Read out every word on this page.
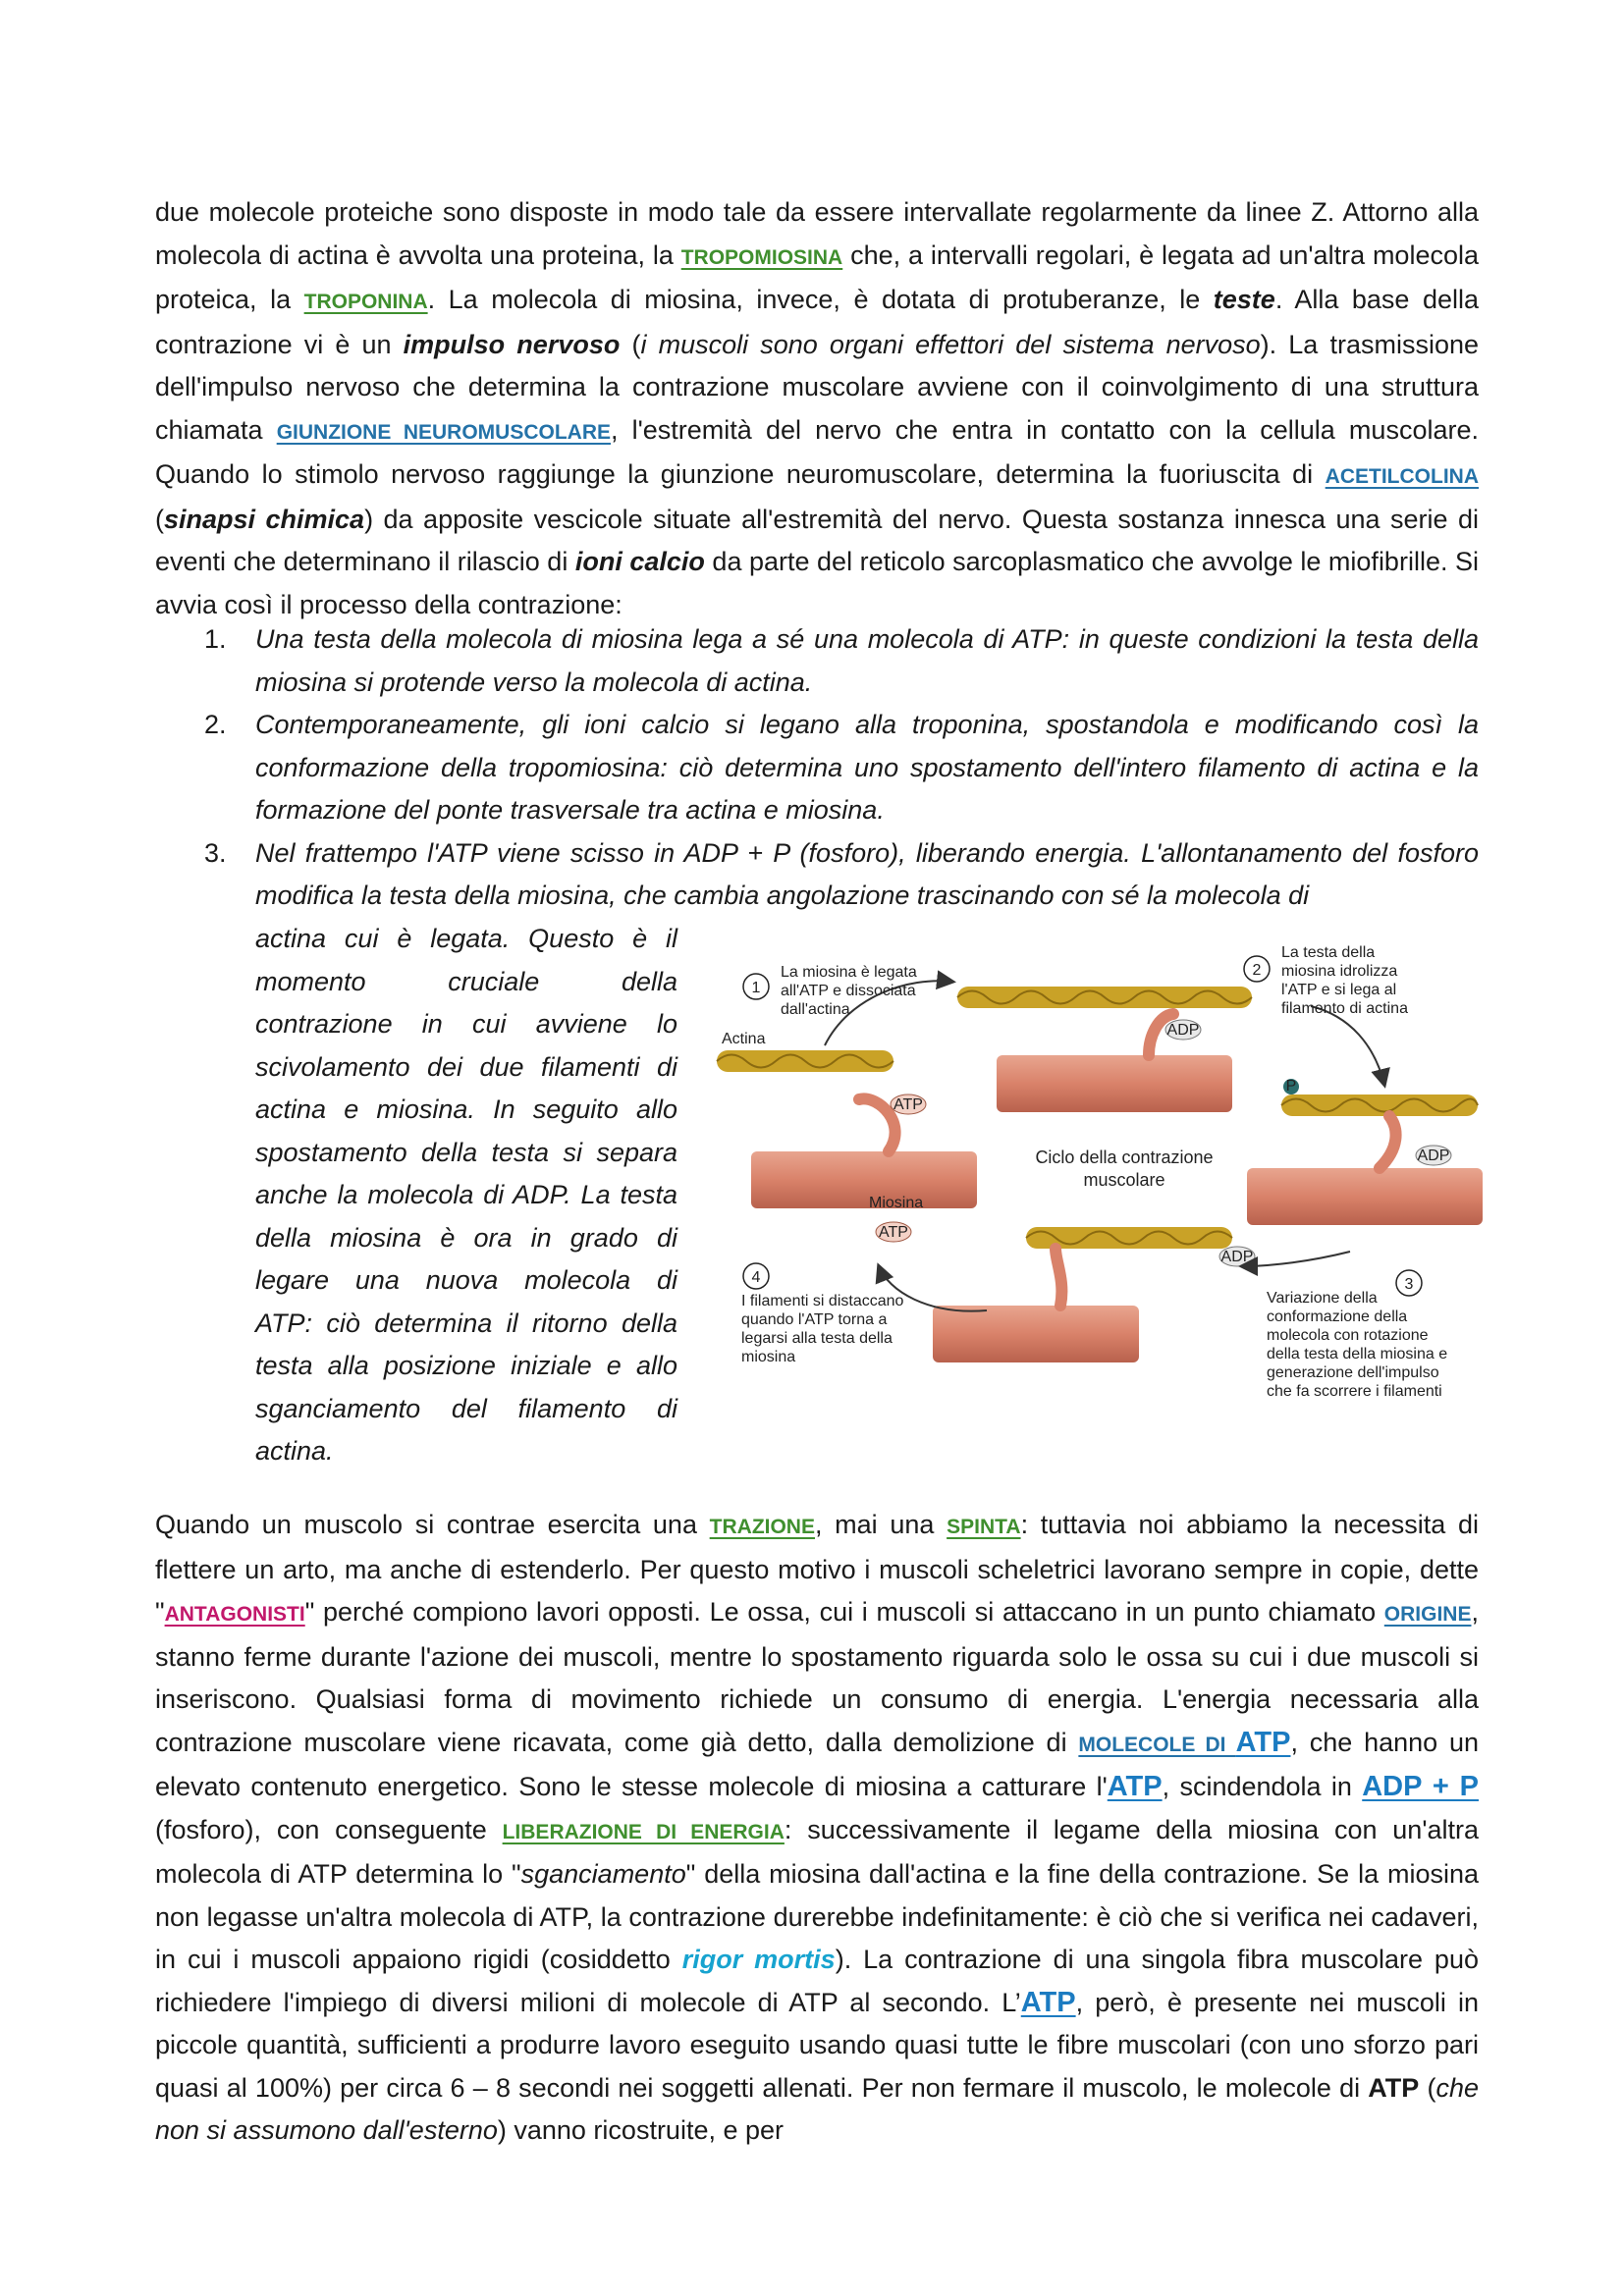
due molecole proteiche sono disposte in modo tale da essere intervallate regolarmente da linee Z. Attorno alla molecola di actina è avvolta una proteina, la TROPOMIOSINA che, a intervalli regolari, è legata ad un'altra molecola proteica, la TROPONINA. La molecola di miosina, invece, è dotata di protuberanze, le teste. Alla base della contrazione vi è un impulso nervoso (i muscoli sono organi effettori del sistema nervoso). La trasmissione dell'impulso nervoso che determina la contrazione muscolare avviene con il coinvolgimento di una struttura chiamata GIUNZIONE NEUROMUSCOLARE, l'estremità del nervo che entra in contatto con la cellula muscolare. Quando lo stimolo nervoso raggiunge la giunzione neuromuscolare, determina la fuoriuscita di ACETILCOLINA (sinapsi chimica) da apposite vescicole situate all'estremità del nervo. Questa sostanza innesca una serie di eventi che determinano il rilascio di ioni calcio da parte del reticolo sarcoplasmatico che avvolge le miofibrille. Si avvia così il processo della contrazione:
1. Una testa della molecola di miosina lega a sé una molecola di ATP: in queste condizioni la testa della miosina si protende verso la molecola di actina.
2. Contemporaneamente, gli ioni calcio si legano alla troponina, spostandola e modificando così la conformazione della tropomiosina: ciò determina uno spostamento dell'intero filamento di actina e la formazione del ponte trasversale tra actina e miosina.
3. Nel frattempo l'ATP viene scisso in ADP + P (fosforo), liberando energia. L'allontanamento del fosforo modifica la testa della miosina, che cambia angolazione trascinando con sé la molecola di

actina cui è legata. Questo è il

momento cruciale della

contrazione in cui avviene lo

scivolamento dei due filamenti di

actina e miosina. In seguito allo

spostamento della testa si separa

anche la molecola di ADP. La testa

della miosina è ora in grado di

legare una nuova molecola di

ATP: ciò determina il ritorno della

testa alla posizione iniziale e allo

sganciamento del filamento di

actina.

ATP
ATP
ADP
ADP
ADP
P
Ciclo della contrazione
muscolare
Actina
Miosina
1
La miosina è legata
all'ATP e dissociata
dall'actina
2
La testa della
miosina idrolizza
l'ATP e si lega al
filamento di actina
3
Variazione della
conformazione della
molecola con rotazione
della testa della miosina e
generazione dell'impulso
che fa scorrere i filamenti
4
I filamenti si distaccano
quando l'ATP torna a
legarsi alla testa della
miosina
Quando un muscolo si contrae esercita una TRAZIONE, mai una SPINTA: tuttavia noi abbiamo la necessita di flettere un arto, ma anche di estenderlo. Per questo motivo i muscoli scheletrici lavorano sempre in copie, dette "ANTAGONISTI" perché compiono lavori opposti. Le ossa, cui i muscoli si attaccano in un punto chiamato ORIGINE, stanno ferme durante l'azione dei muscoli, mentre lo spostamento riguarda solo le ossa su cui i due muscoli si inseriscono. Qualsiasi forma di movimento richiede un consumo di energia. L'energia necessaria alla contrazione muscolare viene ricavata, come già detto, dalla demolizione di MOLECOLE DI ATP, che hanno un elevato contenuto energetico. Sono le stesse molecole di miosina a catturare l'ATP, scindendola in ADP + P (fosforo), con conseguente LIBERAZIONE DI ENERGIA: successivamente il legame della miosina con un'altra molecola di ATP determina lo "sganciamento" della miosina dall'actina e la fine della contrazione. Se la miosina non legasse un'altra molecola di ATP, la contrazione durerebbe indefinitamente: è ciò che si verifica nei cadaveri, in cui i muscoli appaiono rigidi (cosiddetto rigor mortis). La contrazione di una singola fibra muscolare può richiedere l'impiego di diversi milioni di molecole di ATP al secondo. L’ATP, però, è presente nei muscoli in piccole quantità, sufficienti a produrre lavoro eseguito usando quasi tutte le fibre muscolari (con uno sforzo pari quasi al 100%) per circa 6 – 8 secondi nei soggetti allenati. Per non fermare il muscolo, le molecole di ATP (che non si assumono dall'esterno) vanno ricostruite, e per
